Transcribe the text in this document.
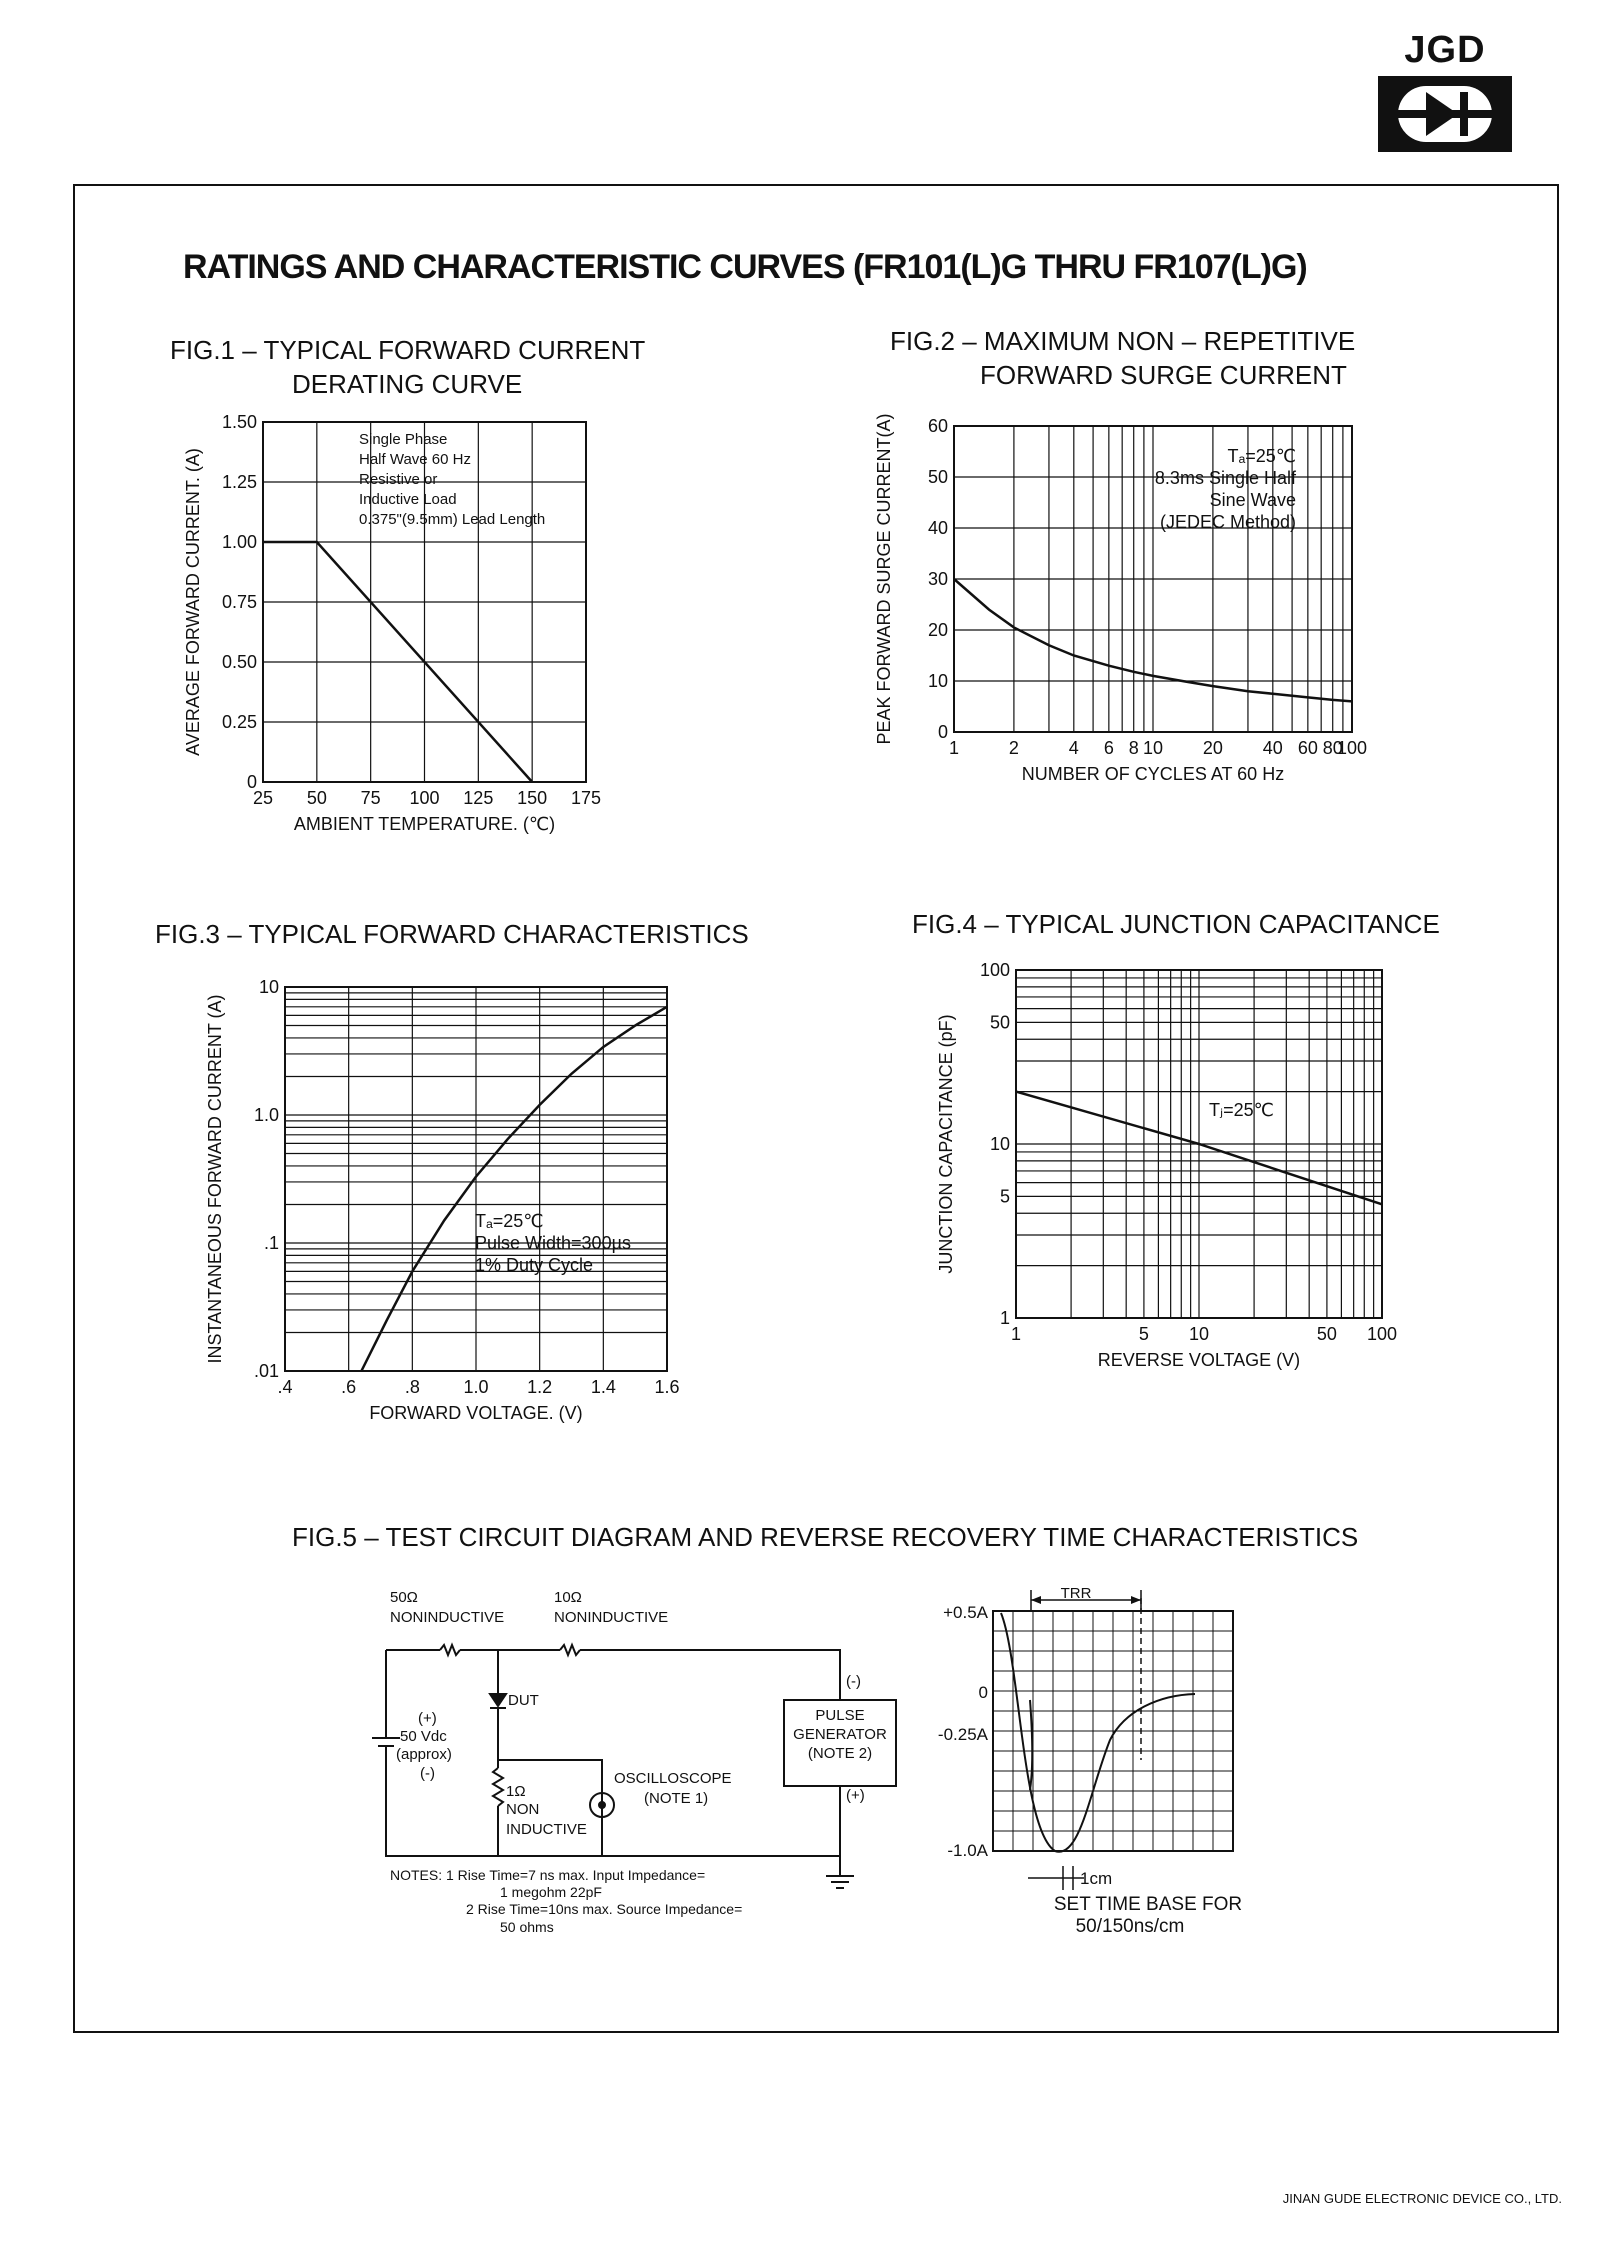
JGD
RATINGS AND CHARACTERISTIC CURVES (FR101(L)G THRU FR107(L)G)
FIG.1 – TYPICAL FORWARD CURRENT
DERATING CURVE
FIG.2 – MAXIMUM NON – REPETITIVE
FORWARD SURGE CURRENT
FIG.3 – TYPICAL FORWARD CHARACTERISTICS	FIG.4 – TYPICAL JUNCTION CAPACITANCE
FIG.5 – TEST CIRCUIT DIAGRAM AND REVERSE RECOVERY TIME CHARACTERISTICS
25 50 75 100 125 150 175
0
0.25
0.50
0.75
1.00
1.25
1.50
AMBIENT TEMPERATURE. (℃)
AVERAGE FORWARD CURRENT. (A)
Single Phase
Half Wave 60 Hz
Resistive or
Inductive Load
0.375"(9.5mm) Lead Length
1	2	4 6 8 10 20 40 60 80
100
0
10
20
30
40
50
60
NUMBER OF CYCLES AT 60 Hz
PEAK FORWARD SURGE CURRENT(A)	Tₐ=25℃
8.3ms Single Half
Sine Wave
(JEDEC Method)
.4	.6	.8 1.0 1.2 1.4 1.6
.01
.1
1.0
10
FORWARD VOLTAGE. (V)
INSTANTANEOUS FORWARD CURRENT (A)	Tₐ=25℃
Pulse Width=300µs
1% Duty Cycle
1	5 10	50 100
1
5
10
50
100
REVERSE VOLTAGE (V)
JUNCTION CAPACITANCE (pF)	Tⱼ=25℃
50Ω
NONINDUCTIVE
10Ω
NONINDUCTIVE
DUT
(+)
50 Vdc
(approx)
(-)
1Ω
NON
INDUCTIVE
OSCILLOSCOPE
(NOTE 1)
PULSE
GENERATOR
(NOTE 2)
(-)
(+)
NOTES: 1 Rise Time=7 ns max. Input Impedance=
1 megohm 22pF
2 Rise Time=10ns max. Source Impedance=
50 ohms
TRR
+0.5A
0
-0.25A
-1.0A
1cm
SET TIME BASE FOR
50/150ns/cm
JINAN GUDE ELECTRONIC DEVICE CO., LTD.
